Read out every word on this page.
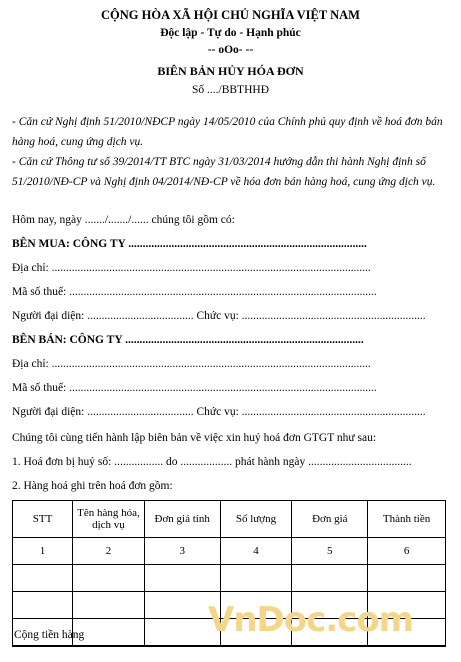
CỘNG HÒA XÃ HỘI CHỦ NGHĨA VIỆT NAM
Độc lập - Tự do - Hạnh phúc
-- oOo- --
BIÊN BẢN HỦY HÓA ĐƠN
Số ..../BBTHHĐ
- Căn cứ Nghị định 51/2010/NĐCP ngày 14/05/2010 của Chính phủ quy định về hoá đơn bán hàng hoá, cung ứng dịch vụ.
- Căn cứ Thông tư số 39/2014/TT BTC ngày 31/03/2014 hướng dẫn thi hành Nghị định số 51/2010/NĐ-CP và Nghị định 04/2014/NĐ-CP về hóa đơn bán hàng hoá, cung ứng dịch vụ.
Hôm nay, ngày ......./......./...... chúng tôi gồm có:
BÊN MUA: CÔNG TY ...................................................................................
Địa chỉ: ...............................................................................................................
Mã số thuế: ...........................................................................................................
Người đại diện: ..................................... Chức vụ: ................................................................
BÊN BÁN: CÔNG TY ...................................................................................
Địa chỉ: ...............................................................................................................
Mã số thuế: ...........................................................................................................
Người đại diện: ..................................... Chức vụ: ................................................................
Chúng tôi cùng tiến hành lập biên bản về việc xin huỷ hoá đơn GTGT như sau:
1. Hoá đơn bị huỷ số: ................. do .................. phát hành ngày ....................................
2. Hàng hoá ghi trên hoá đơn gồm:
STT	Tên hàng hóa, dịch vụ	Đơn giá tính	Số lượng	Đơn giá	Thành tiền
1	2	3	4	5	6

VnDoc.com
Cộng tiền hàng
